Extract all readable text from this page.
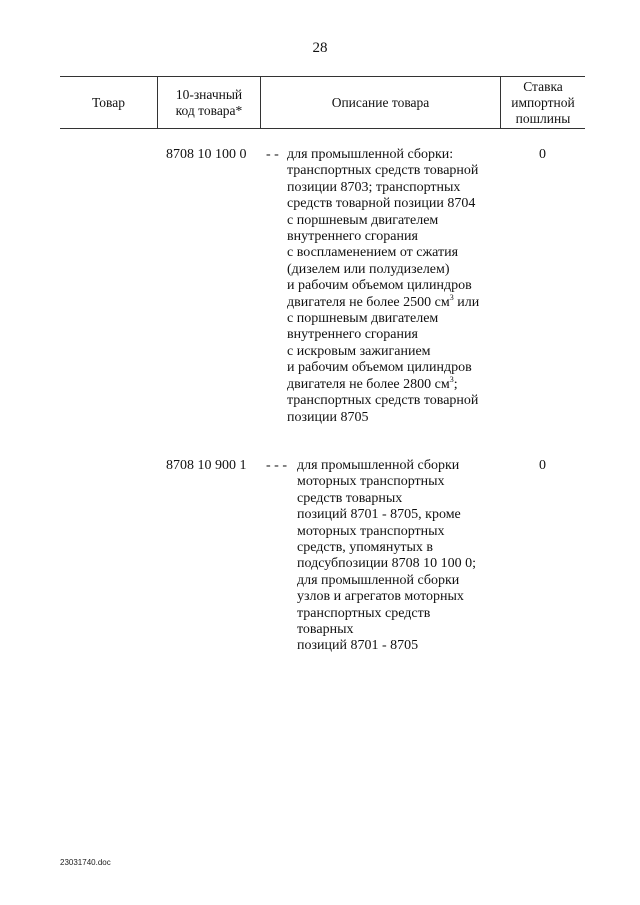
28
Товар
10-значный
код товара*
Описание товара
Ставка
импортной
пошлины
8708 10 100 0 - - для промышленной сборки:
транспортных средств товарной
позиции 8703; транспортных
средств товарной позиции 8704
с поршневым двигателем
внутреннего сгорания
с воспламенением от сжатия
(дизелем или полудизелем)
и рабочим объемом цилиндров
двигателя не более 2500 $см^3$ или
с поршневым двигателем
внутреннего сгорания
с искровым зажиганием
и рабочим объемом цилиндров
двигателя не более 2800 $см^3$;
транспортных средств товарной
позиции 8705
0
8708 10 900 1 - - - для промышленной сборки
моторных транспортных
средств товарных
позиций 8701 - 8705, кроме
моторных транспортных
средств, упомянутых в
подсубпозиции 8708 10 100 0;
для промышленной сборки
узлов и агрегатов моторных
транспортных средств
товарных
позиций 8701 - 8705
0
23031740.doc
